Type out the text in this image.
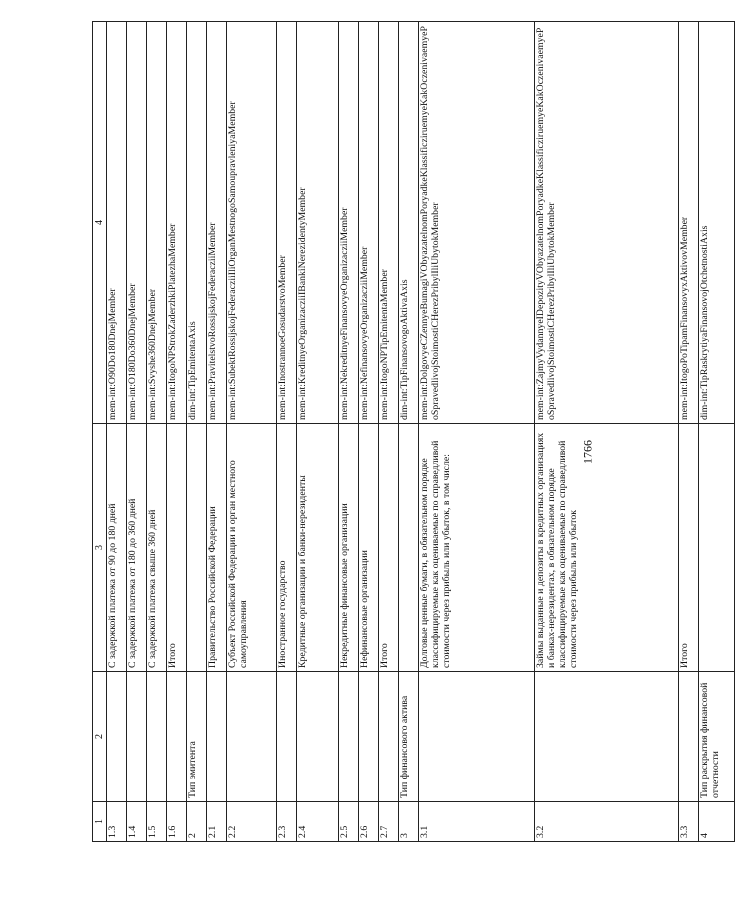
1766
1	2	3	4
1.3		С задержкой платежа от 90 до 180 дней	mem-int:O90Do180DnejMember
1.4		С задержкой платежа от 180 до 360 дней	mem-int:O180Do360DnejMember
1.5		С задержкой платежа свыше 360 дней	mem-int:Svyshe360DnejMember
1.6		Итого	mem-int:ItogoNPStrokZaderzhkiPlatezhaMember
2	Тип эмитента		dim-int:TipEmitentaAxis
2.1		Правительство Российской Федерации	mem-int:PravitelstvoRossijskojFederacziiMember
2.2		Субъект Российской Федерации и орган местного самоуправления	mem-int:SubektRossijskojFederacziiIliOrganMestnogoSamoupravleniyaMember
2.3		Иностранное государство	mem-int:InostrannoeGosudarstvoMember
2.4		Кредитные организации и банки-нерезиденты	mem-int:KreditnyeOrganizacziiIBankiNerezidentyMember
2.5		Некредитные финансовые организации	mem-int:NekreditnyeFinansovyeOrganizacziiMember
2.6		Нефинансовые организации	mem-int:NefinansovyeOrganizacziiMember
2.7		Итого	mem-int:ItogoNPTipEmitentaMember
3	Тип финансового актива		dim-int:TipFinansovogoAktivaAxis
3.1		Долговые ценные бумаги, в обязательном порядке классифицируемые как оцениваемые по справедливой стоимости через прибыль или убыток, в том числе:	mem-int:DolgovyeCZennyeBumagiVObyazatelnomPoryadkeKlassificziruemyeKakOczenivaemyePoSpravedlivojStoimostiCHerezPribylIliUbytokMember
3.2		Займы выданные и депозиты в кредитных организациях и банках-нерезидентах, в обязательном порядке классифицируемые как оцениваемые по справедливой стоимости через прибыль или убыток	mem-int:ZajmyVydannyeIDepozityVObyazatelnomPoryadkeKlassificziruemyeKakOczenivaemyePoSpravedlivojStoimostiCHerezPribylIliUbytokMember
3.3		Итого	mem-int:ItogoPoTipamFinansovyxAktivovMember
4	Тип раскрытия финансовой отчетности		dim-int:TipRaskrytiyaFinansovojOtchetnostiAxis
